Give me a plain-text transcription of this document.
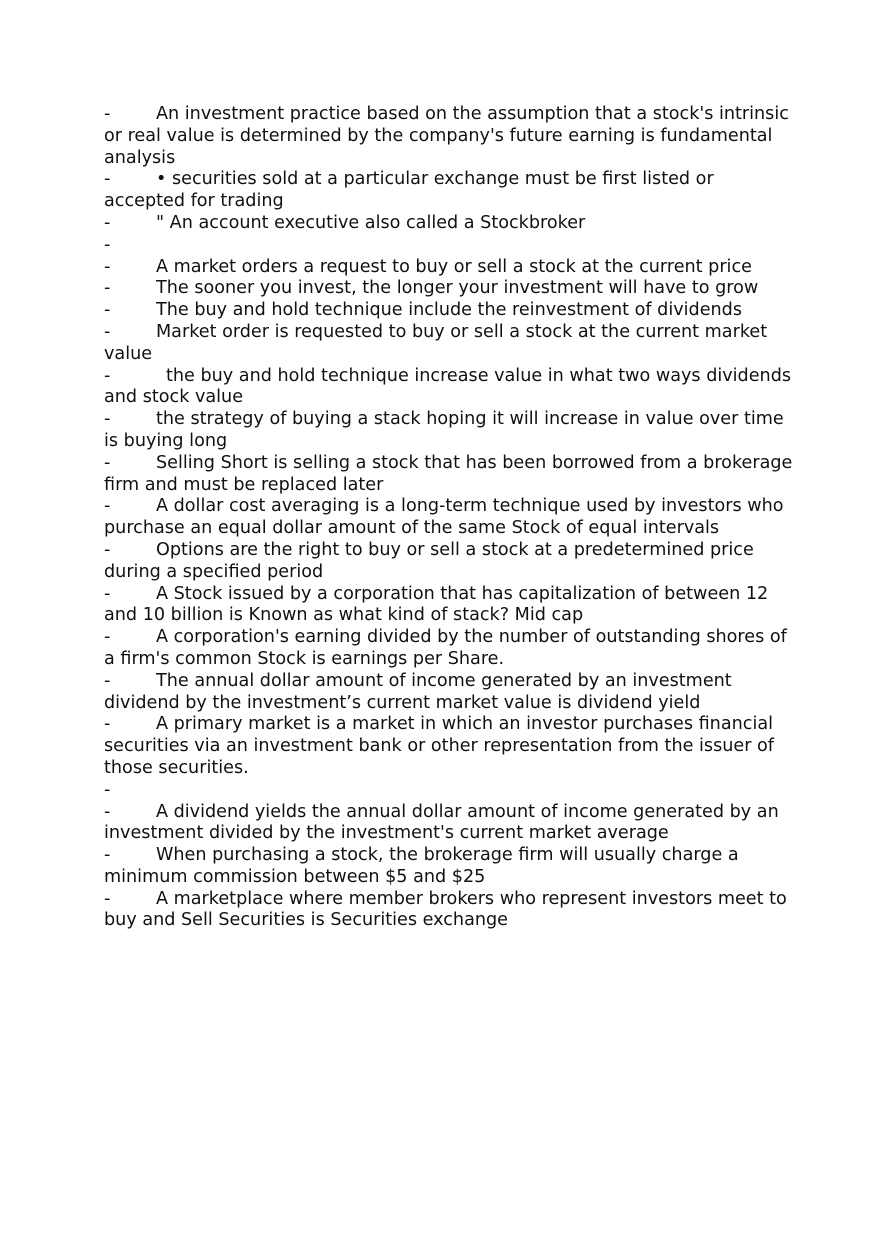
-	An investment practice based on the assumption that a stock's intrinsic or real value is determined by the company's future earning is fundamental analysis
-	• securities sold at a particular exchange must be first listed or accepted for trading
-	" An account executive also called a Stockbroker
-
-	A market orders a request to buy or sell a stock at the current price
-	The sooner you invest, the longer your investment will have to grow
-	The buy and hold technique include the reinvestment of dividends
-	Market order is requested to buy or sell a stock at the current market value
-	the buy and hold technique increase value in what two ways dividends and stock value
-	the strategy of buying a stack hoping it will increase in value over time is buying long
-	Selling Short is selling a stock that has been borrowed from a brokerage firm and must be replaced later
-	A dollar cost averaging is a long-term technique used by investors who purchase an equal dollar amount of the same Stock of equal intervals
-	Options are the right to buy or sell a stock at a predetermined price during a specified period
-	A Stock issued by a corporation that has capitalization of between 12 and 10 billion is Known as what kind of stack? Mid cap
-	A corporation's earning divided by the number of outstanding shores of a firm's common Stock is earnings per Share.
-	The annual dollar amount of income generated by an investment dividend by the investment’s current market value is dividend yield
-	A primary market is a market in which an investor purchases financial securities via an investment bank or other representation from the issuer of those securities.
-
-	A dividend yields the annual dollar amount of income generated by an investment divided by the investment's current market average
-	When purchasing a stock, the brokerage firm will usually charge a minimum commission between $5 and $25
-	A marketplace where member brokers who represent investors meet to buy and Sell Securities is Securities exchange
